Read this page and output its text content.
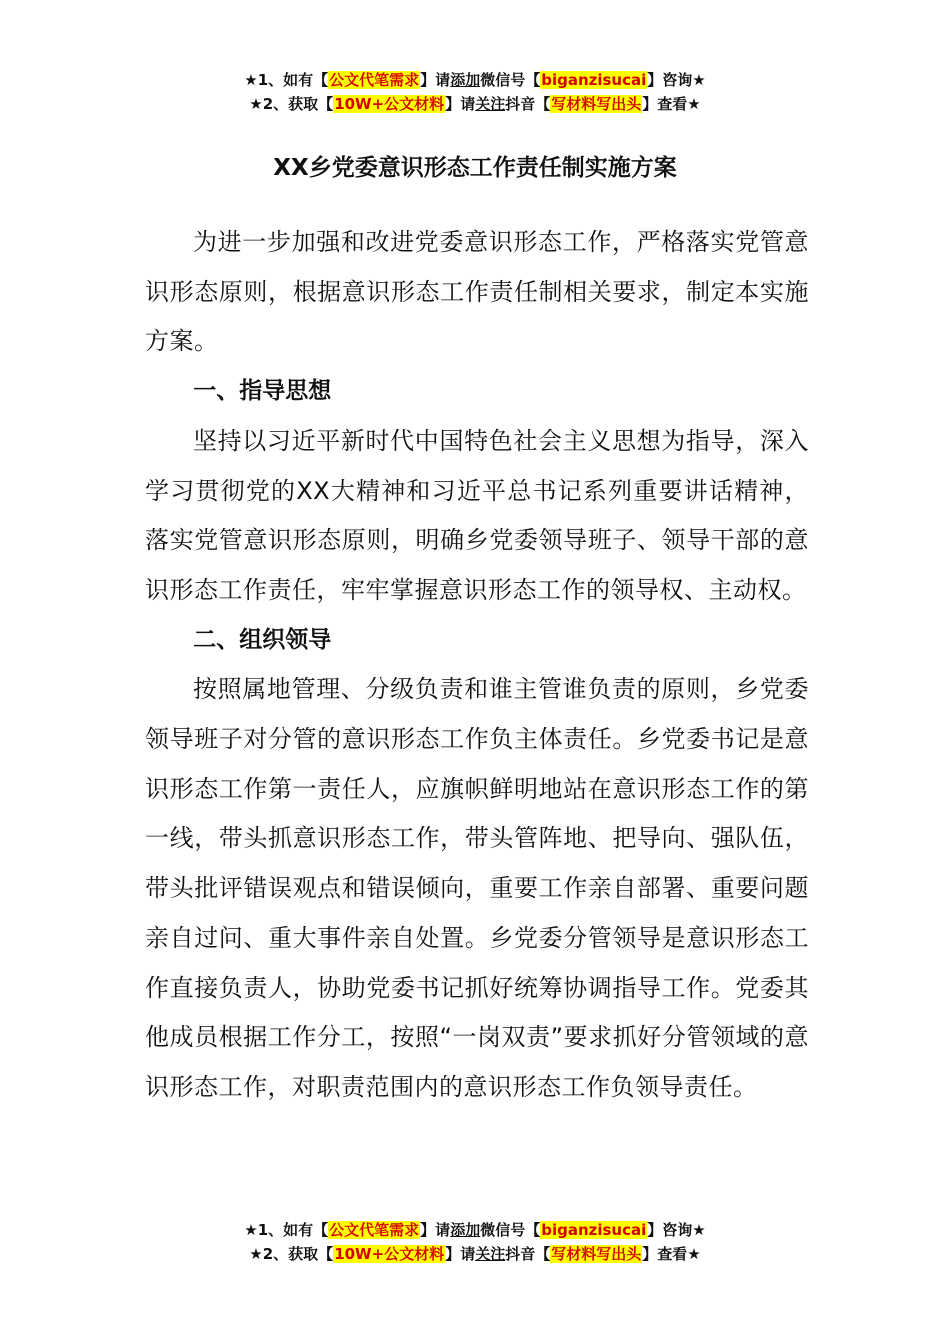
★1、如有【公文代笔需求】请添加微信号【biganzisucai】咨询★
★2、获取【10W+公文材料】请关注抖音【写材料写出头】查看★
XX乡党委意识形态工作责任制实施方案

为进一步加强和改进党委意识形态工作，严格落实党管意识形态原则，根据意识形态工作责任制相关要求，制定本实施方案。

一、指导思想

坚持以习近平新时代中国特色社会主义思想为指导，深入学习贯彻党的XX大精神和习近平总书记系列重要讲话精神，落实党管意识形态原则，明确乡党委领导班子、领导干部的意识形态工作责任，牢牢掌握意识形态工作的领导权、主动权。

二、组织领导

按照属地管理、分级负责和谁主管谁负责的原则，乡党委领导班子对分管的意识形态工作负主体责任。乡党委书记是意识形态工作第一责任人，应旗帜鲜明地站在意识形态工作的第一线，带头抓意识形态工作，带头管阵地、把导向、强队伍，带头批评错误观点和错误倾向，重要工作亲自部署、重要问题亲自过问、重大事件亲自处置。乡党委分管领导是意识形态工作直接负责人，协助党委书记抓好统筹协调指导工作。党委其他成员根据工作分工，按照“一岗双责”要求抓好分管领域的意识形态工作，对职责范围内的意识形态工作负领导责任。

★1、如有【公文代笔需求】请添加微信号【biganzisucai】咨询★
★2、获取【10W+公文材料】请关注抖音【写材料写出头】查看★
